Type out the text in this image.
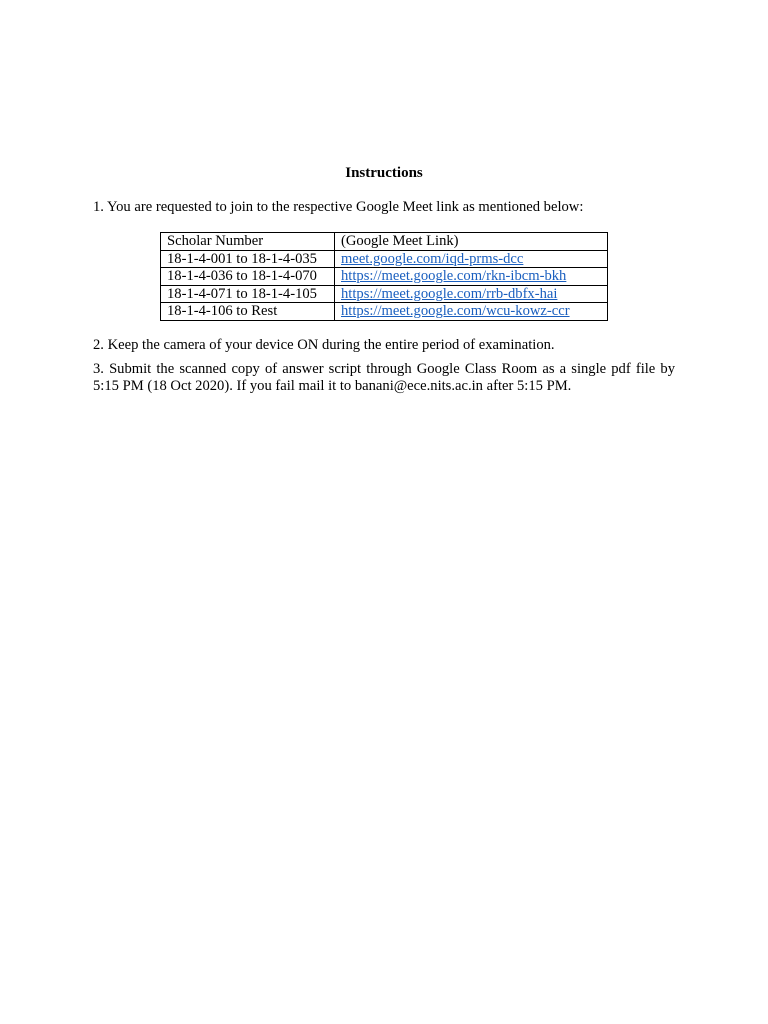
Instructions
1. You are requested to join to the respective Google Meet link as mentioned below:
Scholar Number	(Google Meet Link)
18-1-4-001 to 18-1-4-035	meet.google.com/iqd-prms-dcc
18-1-4-036 to 18-1-4-070	https://meet.google.com/rkn-ibcm-bkh
18-1-4-071 to 18-1-4-105	https://meet.google.com/rrb-dbfx-hai
18-1-4-106 to Rest	https://meet.google.com/wcu-kowz-ccr
2. Keep the camera of your device ON during the entire period of examination.
3. Submit the scanned copy of answer script through Google Class Room as a single pdf file by 5:15 PM (18 Oct 2020). If you fail mail it to banani@ece.nits.ac.in after 5:15 PM.
